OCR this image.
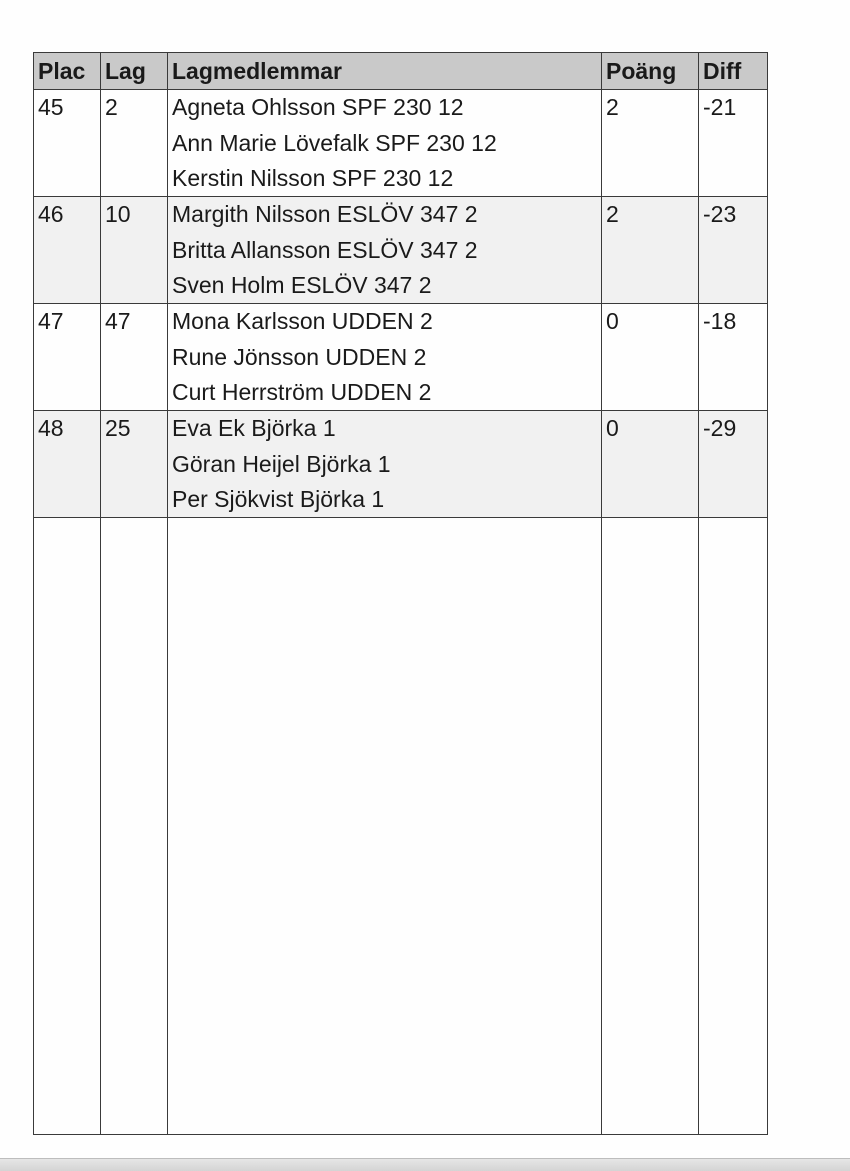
Plac	Lag	Lagmedlemmar	Poäng	Diff
45	2	Agneta Ohlsson SPF 230 12
Ann Marie Lövefalk SPF 230 12
Kerstin Nilsson SPF 230 12	2	-21
46	10	Margith Nilsson ESLÖV 347 2
Britta Allansson ESLÖV 347 2
Sven Holm ESLÖV 347 2	2	-23
47	47	Mona Karlsson UDDEN 2
Rune Jönsson UDDEN 2
Curt Herrström UDDEN 2	0	-18
48	25	Eva Ek Björka 1
Göran Heijel Björka 1
Per Sjökvist Björka 1	0	-29
